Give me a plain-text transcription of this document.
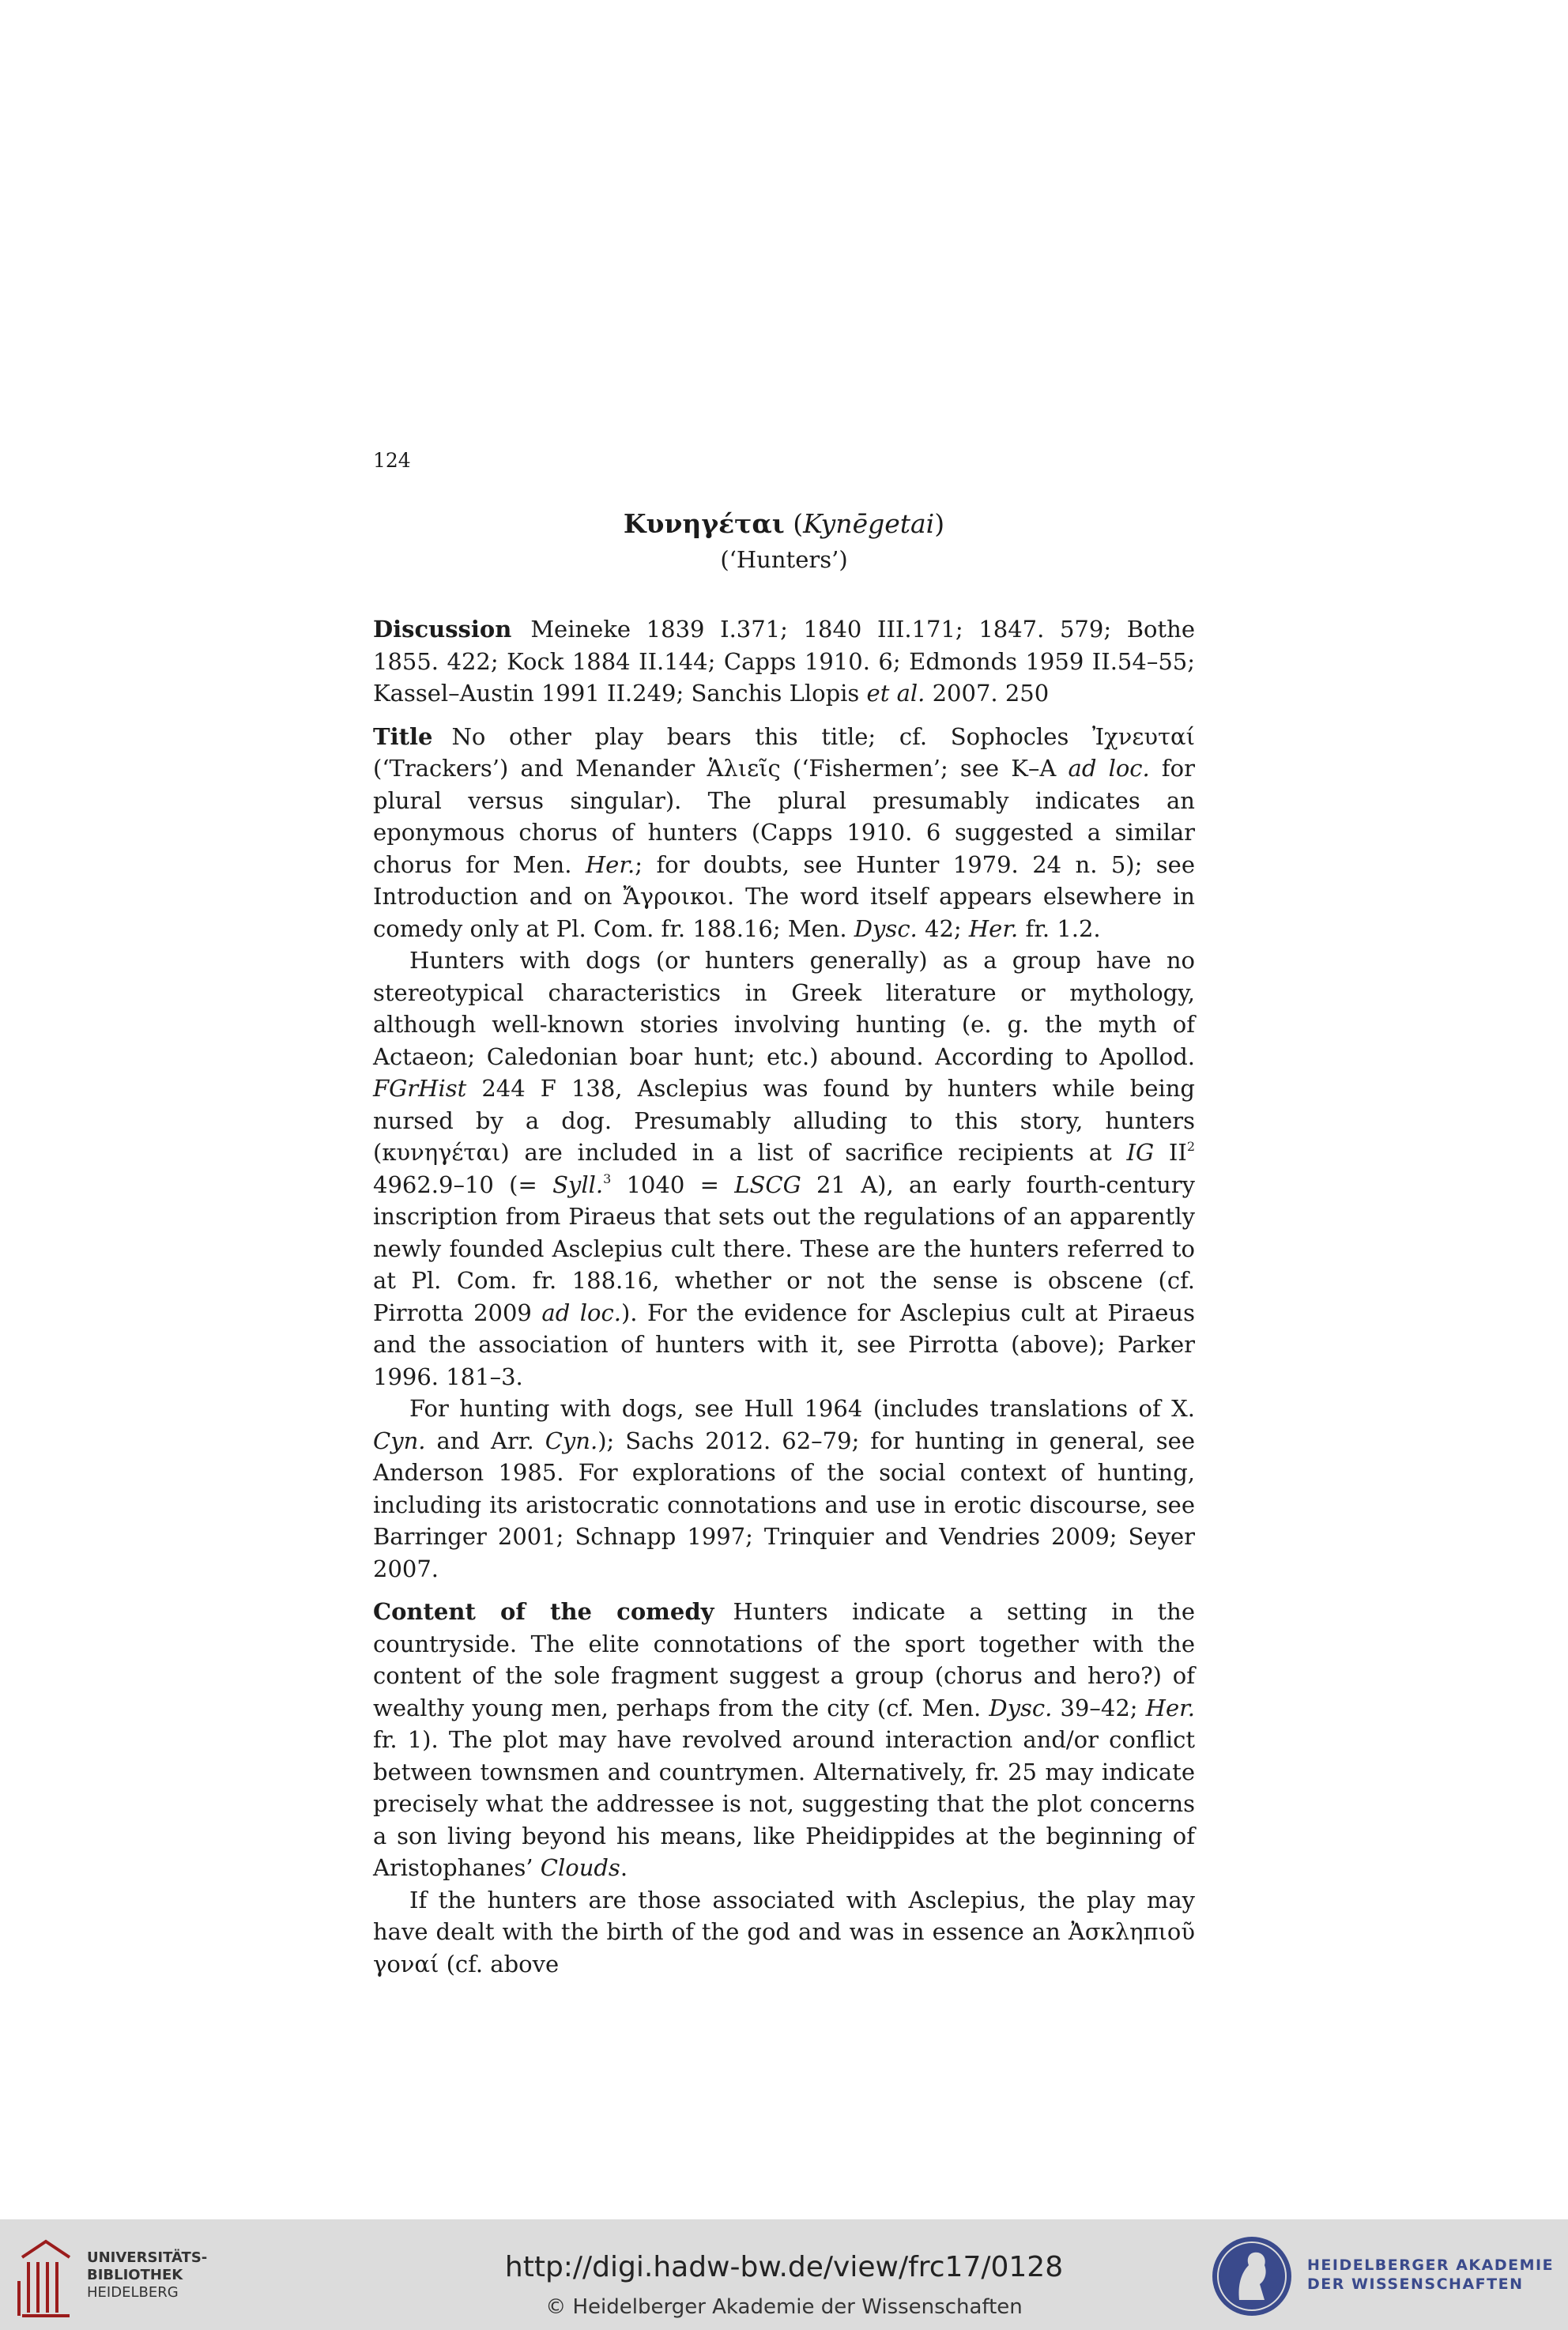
124
Κυνηγέται (Kynēgetai)
(‘Hunters’)

Discussion Meineke 1839 I.371; 1840 III.171; 1847. 579; Bothe 1855. 422; Kock 1884 II.144; Capps 1910. 6; Edmonds 1959 II.54–55; Kassel–Austin 1991 II.249; Sanchis Llopis et al. 2007. 250

Title No other play bears this title; cf. Sophocles Ἰχνευταί (‘Trackers’) and Menander Ἁλιεῖς (‘Fishermen’; see K–A ad loc. for plural versus singular). The plural presumably indicates an eponymous chorus of hunters (Capps 1910. 6 suggested a similar chorus for Men. Her.; for doubts, see Hunter 1979. 24 n. 5); see Introduction and on Ἄγροικοι. The word itself appears elsewhere in comedy only at Pl. Com. fr. 188.16; Men. Dysc. 42; Her. fr. 1.2.

Hunters with dogs (or hunters generally) as a group have no stereotypical characteristics in Greek literature or mythology, although well-known stories involving hunting (e. g. the myth of Actaeon; Caledonian boar hunt; etc.) abound. According to Apollod. FGrHist 244 F 138, Asclepius was found by hunters while being nursed by a dog. Presumably alluding to this story, hunters (κυνηγέται) are included in a list of sacrifice recipients at IG $II^2$ 4962.9–10 (= Syll.$^3$ 1040 = LSCG 21 A), an early fourth-century inscription from Piraeus that sets out the regulations of an apparently newly founded Asclepius cult there. These are the hunters referred to at Pl. Com. fr. 188.16, whether or not the sense is obscene (cf. Pirrotta 2009 ad loc.). For the evidence for Asclepius cult at Piraeus and the association of hunters with it, see Pirrotta (above); Parker 1996. 181–3.

For hunting with dogs, see Hull 1964 (includes translations of X. Cyn. and Arr. Cyn.); Sachs 2012. 62–79; for hunting in general, see Anderson 1985. For explorations of the social context of hunting, including its aristocratic connotations and use in erotic discourse, see Barringer 2001; Schnapp 1997; Trinquier and Vendries 2009; Seyer 2007.

Content of the comedy Hunters indicate a setting in the countryside. The elite connotations of the sport together with the content of the sole fragment suggest a group (chorus and hero?) of wealthy young men, perhaps from the city (cf. Men. Dysc. 39–42; Her. fr. 1). The plot may have revolved around interaction and/or conflict between townsmen and countrymen. Alternatively, fr. 25 may indicate precisely what the addressee is not, suggesting that the plot concerns a son living beyond his means, like Pheidippides at the beginning of Aristophanes’ Clouds.

If the hunters are those associated with Asclepius, the play may have dealt with the birth of the god and was in essence an Ἀσκληπιοῦ γοναί (cf. above

UNIVERSITÄTS-
BIBLIOTHEK
HEIDELBERG
http://digi.hadw-bw.de/view/frc17/0128
© Heidelberger Akademie der Wissenschaften
HEIDELBERGER AKADEMIE
DER WISSENSCHAFTEN
